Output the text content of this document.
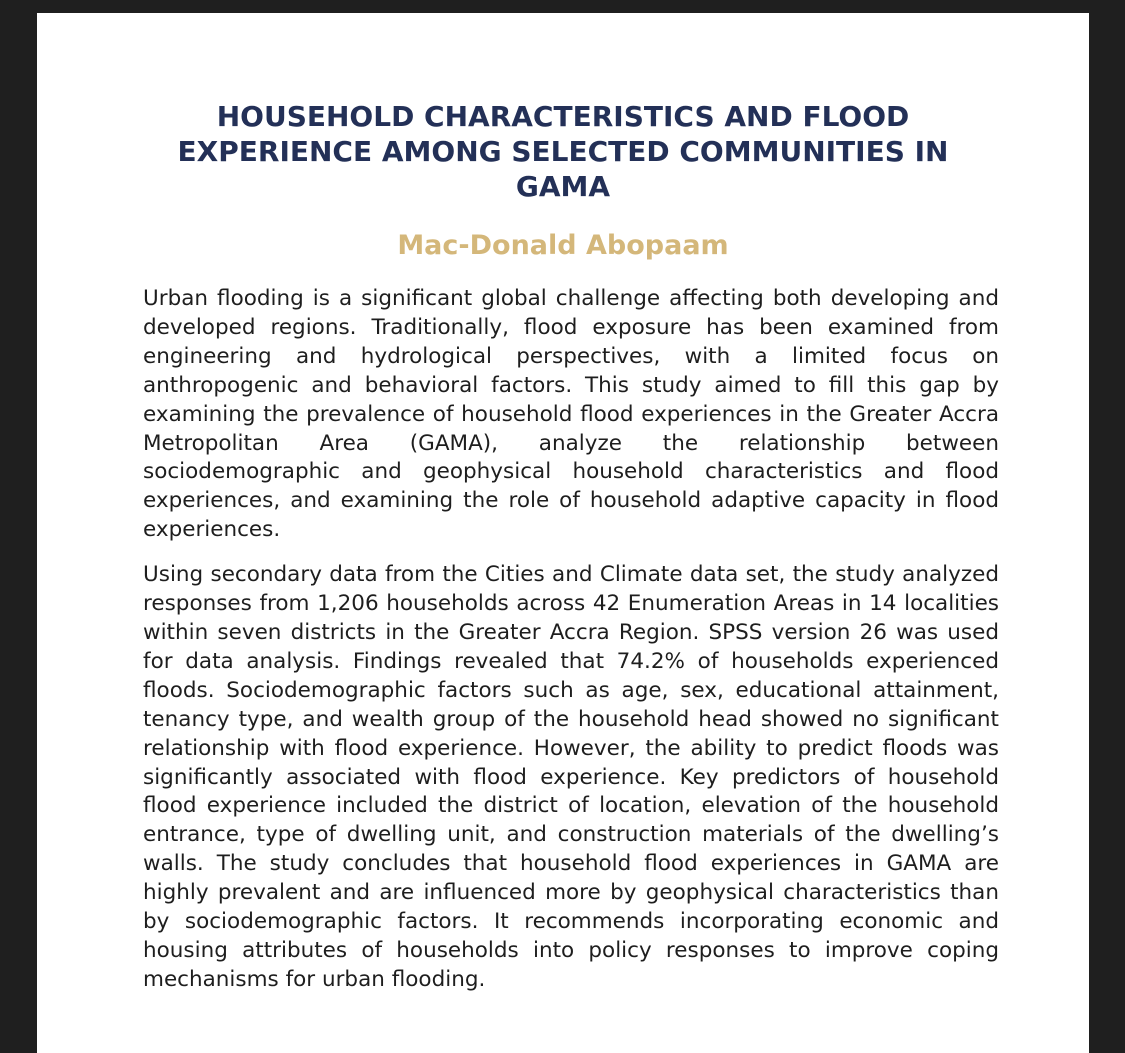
HOUSEHOLD CHARACTERISTICS AND FLOOD
EXPERIENCE AMONG SELECTED COMMUNITIES IN
GAMA
Mac-Donald Abopaam

Urban flooding is a significant global challenge affecting both developing and developed regions. Traditionally, flood exposure has been examined from engineering and hydrological perspectives, with a limited focus on anthropogenic and behavioral factors. This study aimed to fill this gap by examining the prevalence of household flood experiences in the Greater Accra Metropolitan Area (GAMA), analyze the relationship between sociodemographic and geophysical household characteristics and flood experiences, and examining the role of household adaptive capacity in flood experiences.

Using secondary data from the Cities and Climate data set, the study analyzed responses from 1,206 households across 42 Enumeration Areas in 14 localities within seven districts in the Greater Accra Region. SPSS version 26 was used for data analysis. Findings revealed that 74.2% of households experienced floods. Sociodemographic factors such as age, sex, educational attainment, tenancy type, and wealth group of the household head showed no significant relationship with flood experience. However, the ability to predict floods was significantly associated with flood experience. Key predictors of household flood experience included the district of location, elevation of the household entrance, type of dwelling unit, and construction materials of the dwelling’s walls. The study concludes that household flood experiences in GAMA are highly prevalent and are influenced more by geophysical characteristics than by sociodemographic factors. It recommends incorporating economic and housing attributes of households into policy responses to improve coping mechanisms for urban flooding.
